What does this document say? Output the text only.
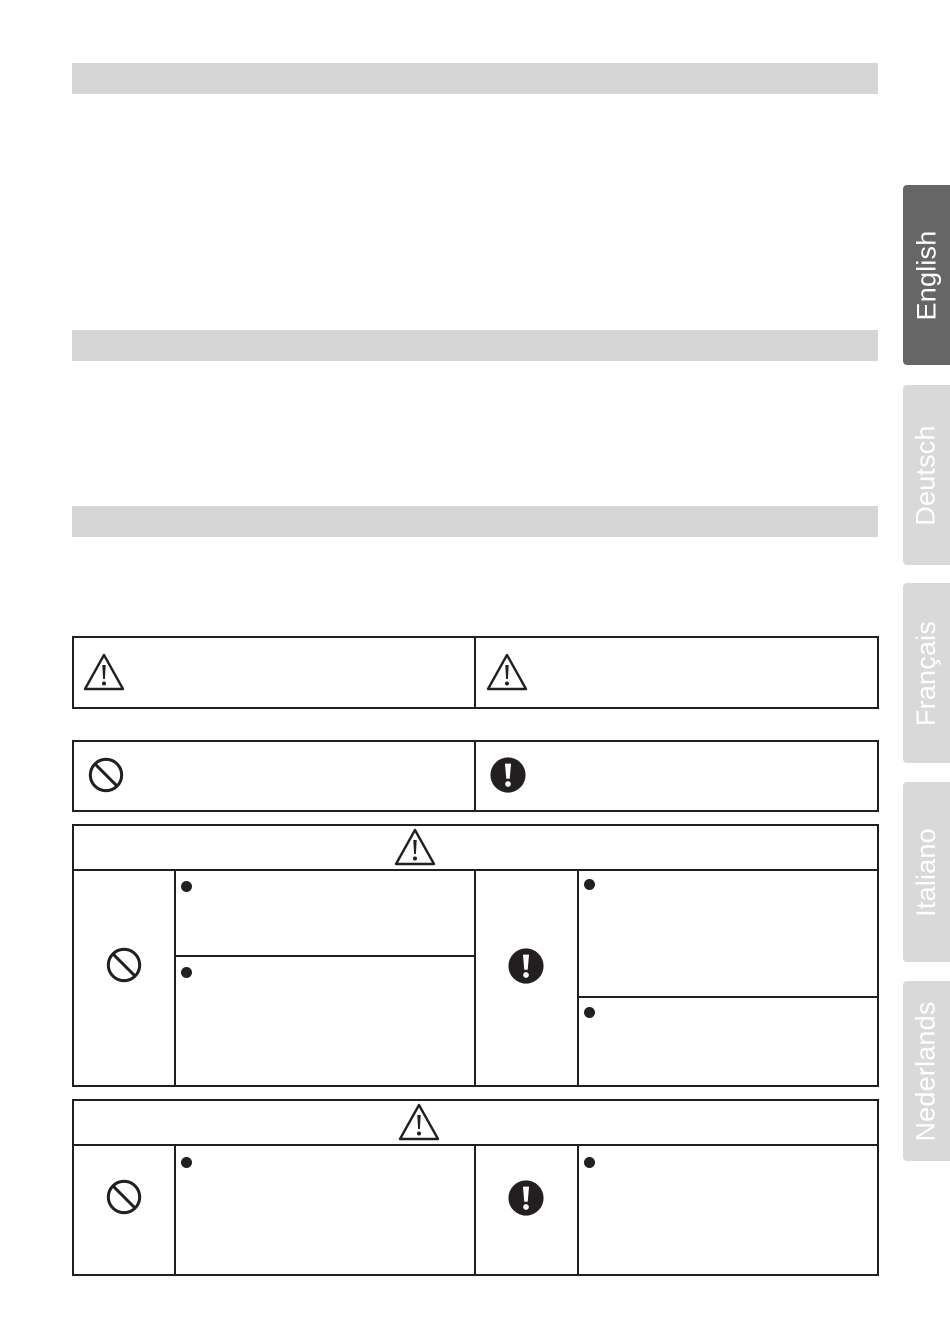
English
Deutsch
Français
Italiano
Nederlands
